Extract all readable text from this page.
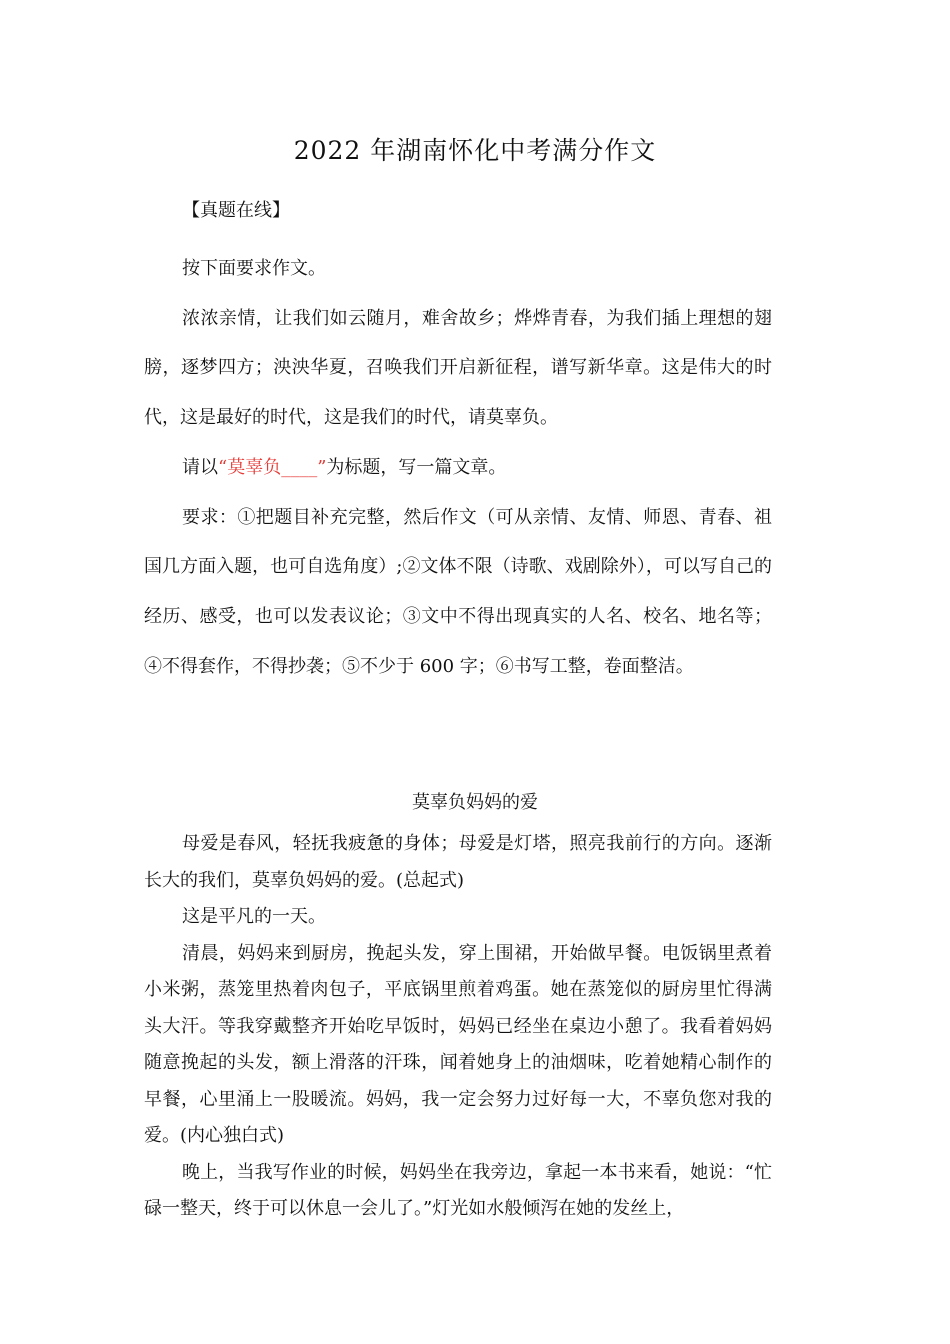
2022 年湖南怀化中考满分作文
【真题在线】

按下面要求作文。

浓浓亲情，让我们如云随月，难舍故乡；烨烨青春，为我们插上理想的翅膀，逐梦四方；泱泱华夏，召唤我们开启新征程，谱写新华章。这是伟大的时代，这是最好的时代，这是我们的时代，请莫辜负。

请以“莫辜负____”为标题，写一篇文章。

要求：①把题目补充完整，然后作文（可从亲情、友情、师恩、青春、祖国几方面入题，也可自选角度）;②文体不限（诗歌、戏剧除外），可以写自己的经历、感受，也可以发表议论；③文中不得出现真实的人名、校名、地名等；④不得套作，不得抄袭；⑤不少于 600 字；⑥书写工整，卷面整洁。

莫辜负妈妈的爱

母爱是春风，轻抚我疲惫的身体；母爱是灯塔，照亮我前行的方向。逐渐长大的我们，莫辜负妈妈的爱。(总起式)

这是平凡的一天。

清晨，妈妈来到厨房，挽起头发，穿上围裙，开始做早餐。电饭锅里煮着小米粥，蒸笼里热着肉包子，平底锅里煎着鸡蛋。她在蒸笼似的厨房里忙得满头大汗。等我穿戴整齐开始吃早饭时，妈妈已经坐在桌边小憩了。我看着妈妈随意挽起的头发，额上滑落的汗珠，闻着她身上的油烟味，吃着她精心制作的早餐，心里涌上一股暖流。妈妈，我一定会努力过好每一大，不辜负您对我的爱。(内心独白式)

晚上，当我写作业的时候，妈妈坐在我旁边，拿起一本书来看，她说：“忙碌一整天，终于可以休息一会儿了。”灯光如水般倾泻在她的发丝上，
